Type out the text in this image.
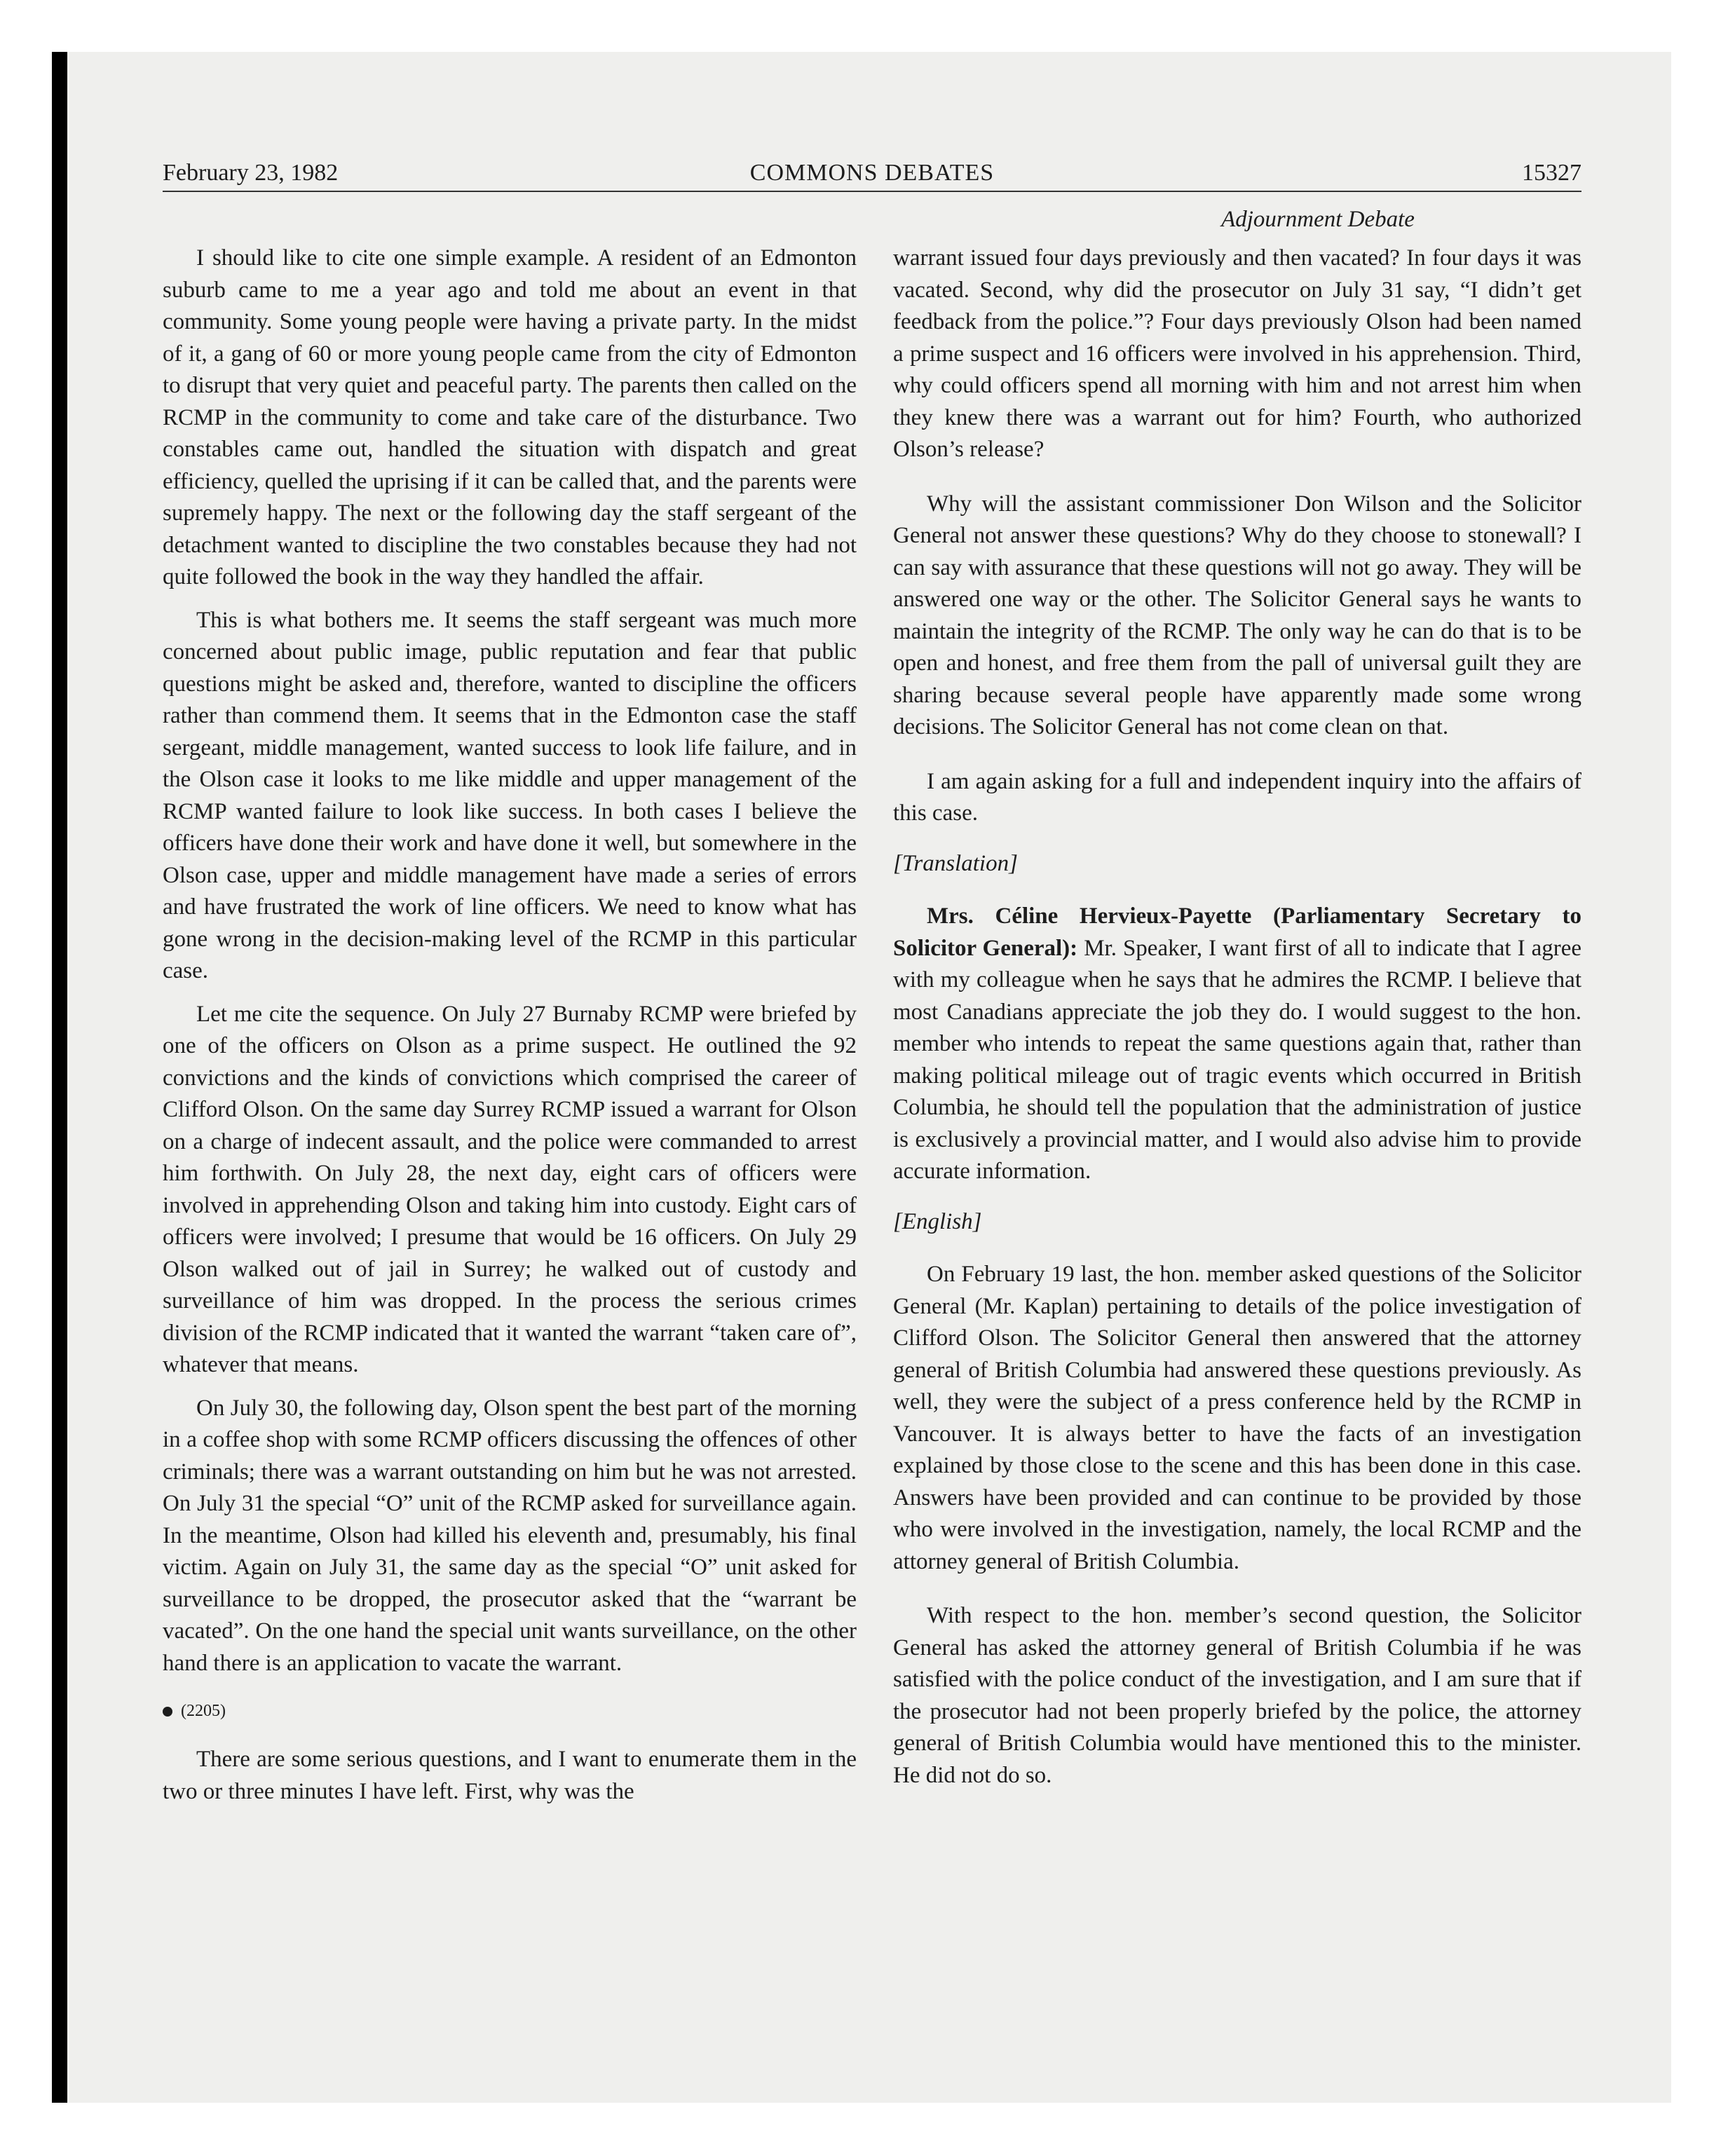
COMMONS DEBATES
February 23, 1982	15327
Adjournment Debate

I should like to cite one simple example. A resident of an Edmonton suburb came to me a year ago and told me about an event in that community. Some young people were having a private party. In the midst of it, a gang of 60 or more young people came from the city of Edmonton to disrupt that very quiet and peaceful party. The parents then called on the RCMP in the community to come and take care of the disturbance. Two constables came out, handled the situation with dispatch and great efficiency, quelled the uprising if it can be called that, and the parents were supremely happy. The next or the following day the staff sergeant of the detachment wanted to discipline the two constables because they had not quite followed the book in the way they handled the affair.

This is what bothers me. It seems the staff sergeant was much more concerned about public image, public reputation and fear that public questions might be asked and, therefore, wanted to discipline the officers rather than commend them. It seems that in the Edmonton case the staff sergeant, middle management, wanted success to look life failure, and in the Olson case it looks to me like middle and upper management of the RCMP wanted failure to look like success. In both cases I believe the officers have done their work and have done it well, but somewhere in the Olson case, upper and middle management have made a series of errors and have frustrated the work of line officers. We need to know what has gone wrong in the decision-making level of the RCMP in this particular case.

Let me cite the sequence. On July 27 Burnaby RCMP were briefed by one of the officers on Olson as a prime suspect. He outlined the 92 convictions and the kinds of convictions which comprised the career of Clifford Olson. On the same day Surrey RCMP issued a warrant for Olson on a charge of indecent assault, and the police were commanded to arrest him forthwith. On July 28, the next day, eight cars of officers were involved in apprehending Olson and taking him into custody. Eight cars of officers were involved; I presume that would be 16 officers. On July 29 Olson walked out of jail in Surrey; he walked out of custody and surveillance of him was dropped. In the process the serious crimes division of the RCMP indicated that it wanted the warrant “taken care of”, whatever that means.

On July 30, the following day, Olson spent the best part of the morning in a coffee shop with some RCMP officers discussing the offences of other criminals; there was a warrant outstanding on him but he was not arrested. On July 31 the special “O” unit of the RCMP asked for surveillance again. In the meantime, Olson had killed his eleventh and, presumably, his final victim. Again on July 31, the same day as the special “O” unit asked for surveillance to be dropped, the prosecutor asked that the “warrant be vacated”. On the one hand the special unit wants surveillance, on the other hand there is an application to vacate the warrant.

(2205)

There are some serious questions, and I want to enumerate them in the two or three minutes I have left. First, why was the

warrant issued four days previously and then vacated? In four days it was vacated. Second, why did the prosecutor on July 31 say, “I didn’t get feedback from the police.”? Four days previously Olson had been named a prime suspect and 16 officers were involved in his apprehension. Third, why could officers spend all morning with him and not arrest him when they knew there was a warrant out for him? Fourth, who authorized Olson’s release?

Why will the assistant commissioner Don Wilson and the Solicitor General not answer these questions? Why do they choose to stonewall? I can say with assurance that these questions will not go away. They will be answered one way or the other. The Solicitor General says he wants to maintain the integrity of the RCMP. The only way he can do that is to be open and honest, and free them from the pall of universal guilt they are sharing because several people have apparently made some wrong decisions. The Solicitor General has not come clean on that.

I am again asking for a full and independent inquiry into the affairs of this case.

[Translation]

Mrs. Céline Hervieux-Payette (Parliamentary Secretary to Solicitor General): Mr. Speaker, I want first of all to indicate that I agree with my colleague when he says that he admires the RCMP. I believe that most Canadians appreciate the job they do. I would suggest to the hon. member who intends to repeat the same questions again that, rather than making political mileage out of tragic events which occurred in British Columbia, he should tell the population that the administration of justice is exclusively a provincial matter, and I would also advise him to provide accurate information.

[English]

On February 19 last, the hon. member asked questions of the Solicitor General (Mr. Kaplan) pertaining to details of the police investigation of Clifford Olson. The Solicitor General then answered that the attorney general of British Columbia had answered these questions previously. As well, they were the subject of a press conference held by the RCMP in Vancouver. It is always better to have the facts of an investigation explained by those close to the scene and this has been done in this case. Answers have been provided and can continue to be provided by those who were involved in the investigation, namely, the local RCMP and the attorney general of British Columbia.

With respect to the hon. member’s second question, the Solicitor General has asked the attorney general of British Columbia if he was satisfied with the police conduct of the investigation, and I am sure that if the prosecutor had not been properly briefed by the police, the attorney general of British Columbia would have mentioned this to the minister. He did not do so.
